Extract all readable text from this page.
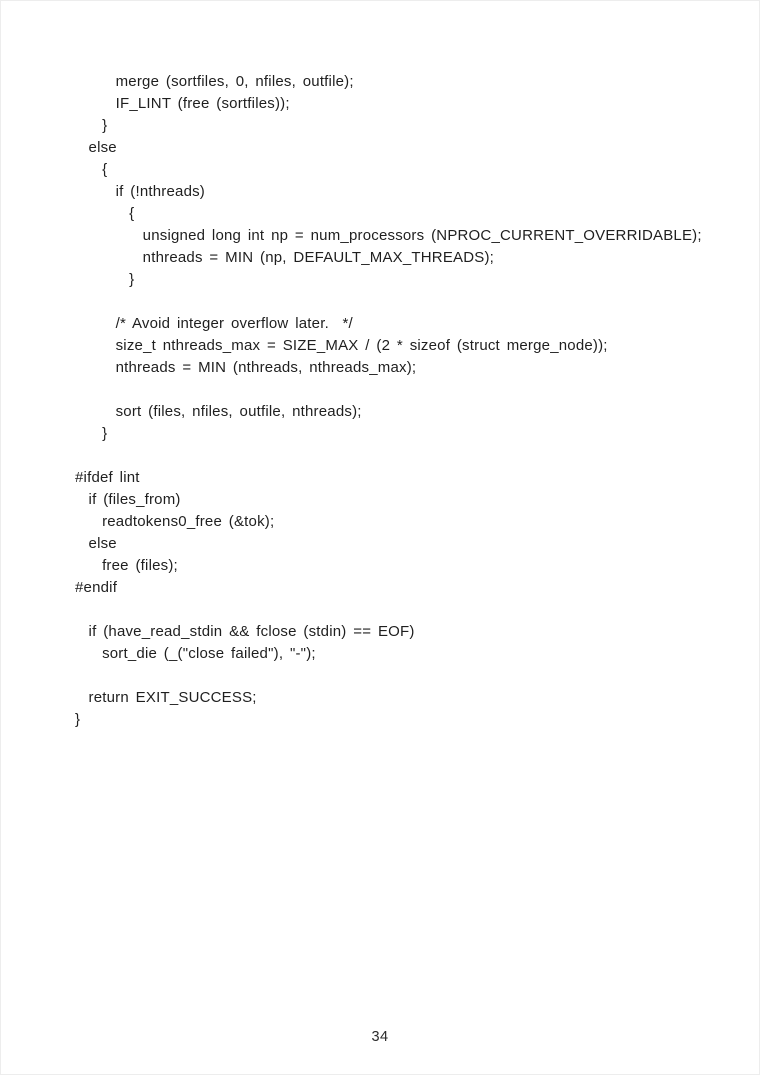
merge (sortfiles, 0, nfiles, outfile);
IF_LINT (free (sortfiles));
}
else
{
if (!nthreads)
{
unsigned long int np = num_processors (NPROC_CURRENT_OVERRIDABLE);
nthreads = MIN (np, DEFAULT_MAX_THREADS);
}
/* Avoid integer overflow later.  */
size_t nthreads_max = SIZE_MAX / (2 * sizeof (struct merge_node));
nthreads = MIN (nthreads, nthreads_max);
sort (files, nfiles, outfile, nthreads);
}
#ifdef lint
if (files_from)
readtokens0_free (&tok);
else
free (files);
#endif
if (have_read_stdin && fclose (stdin) == EOF)
sort_die (_("close failed"), "-");
return EXIT_SUCCESS;
}
34
